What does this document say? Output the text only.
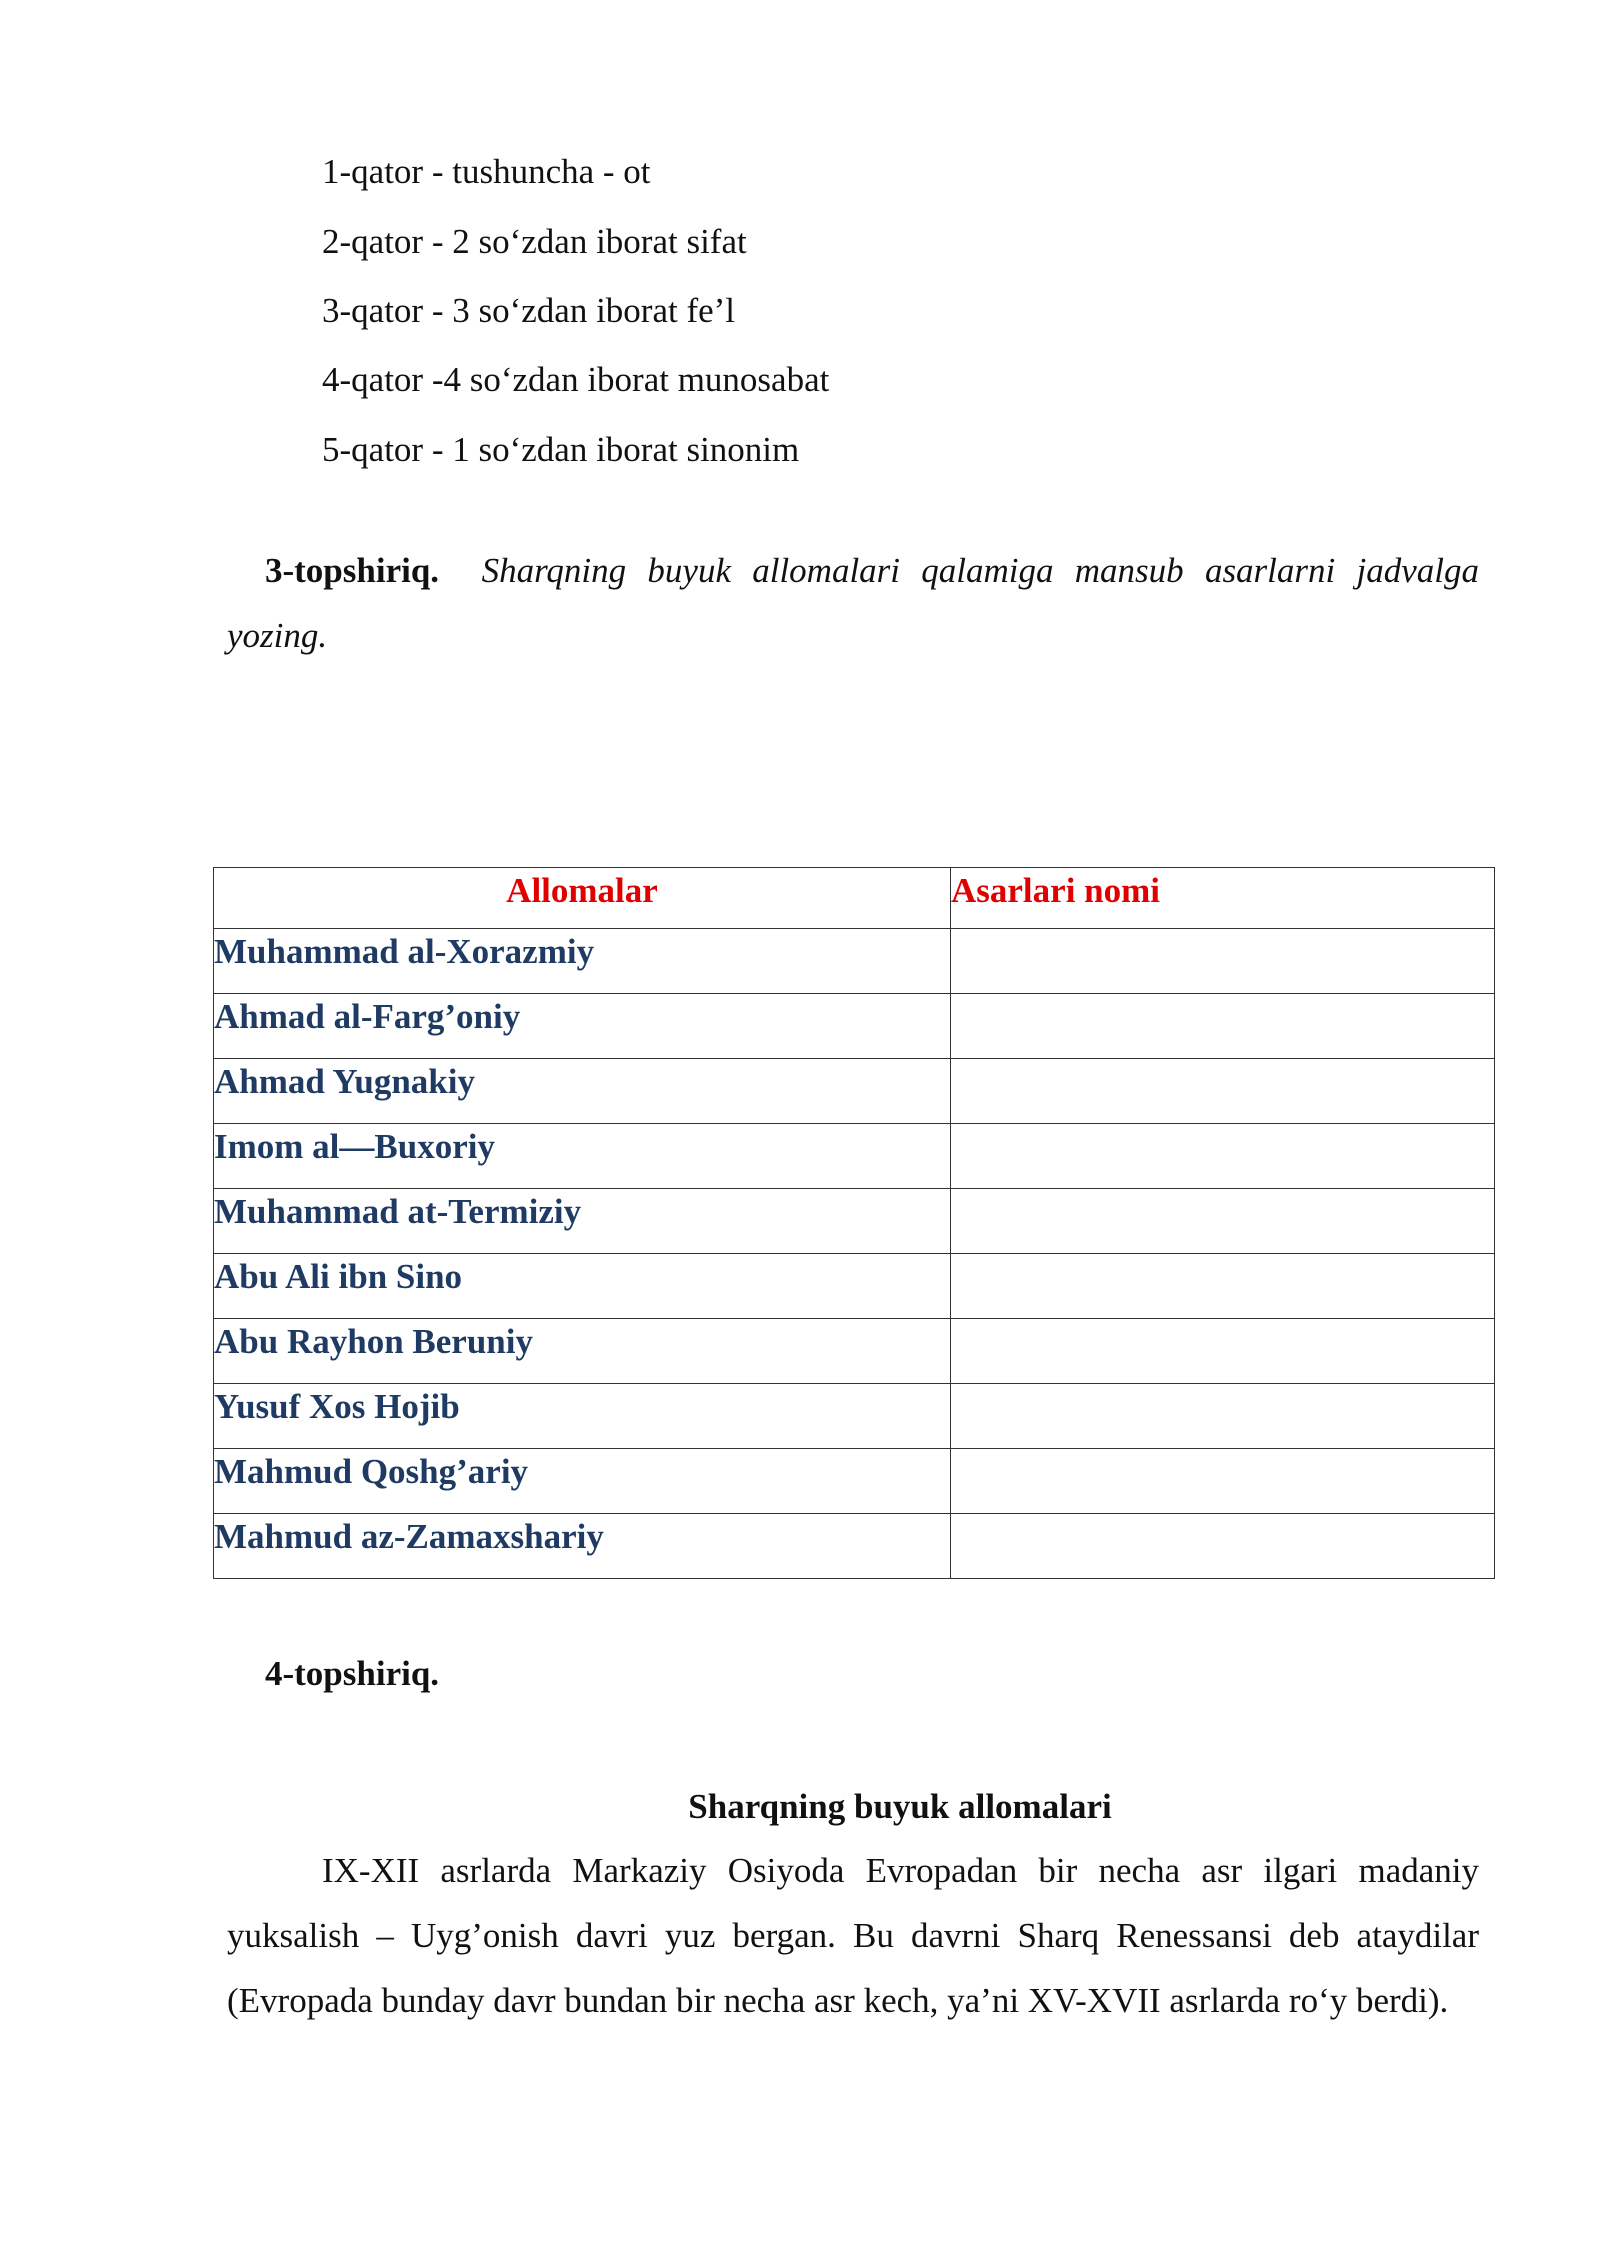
1-qator - tushuncha - ot
2-qator - 2 so‘zdan iborat sifat
3-qator - 3 so‘zdan iborat fe’l
4-qator -4 so‘zdan iborat munosabat
5-qator - 1 so‘zdan iborat sinonim
3-topshiriq. Sharqning buyuk allomalari qalamiga mansub asarlarni jadvalga yozing.
Allomalar	Asarlari nomi
Muhammad al-Xorazmiy	
Ahmad al-Farg’oniy	
Ahmad Yugnakiy	
Imom al—Buxoriy	
Muhammad at-Termiziy	
Abu Ali ibn Sino	
Abu Rayhon Beruniy	
Yusuf Xos Hojib	
Mahmud Qoshg’ariy	
Mahmud az-Zamaxshariy	
4-topshiriq.
Sharqning buyuk allomalari
IX-XII asrlarda Markaziy Osiyoda Evropadan bir necha asr ilgari madaniy yuksalish – Uyg’onish davri yuz bergan. Bu davrni Sharq Renessansi deb ataydilar (Evropada bunday davr bundan bir necha asr kech, ya’ni XV-XVII asrlarda ro‘y berdi).
